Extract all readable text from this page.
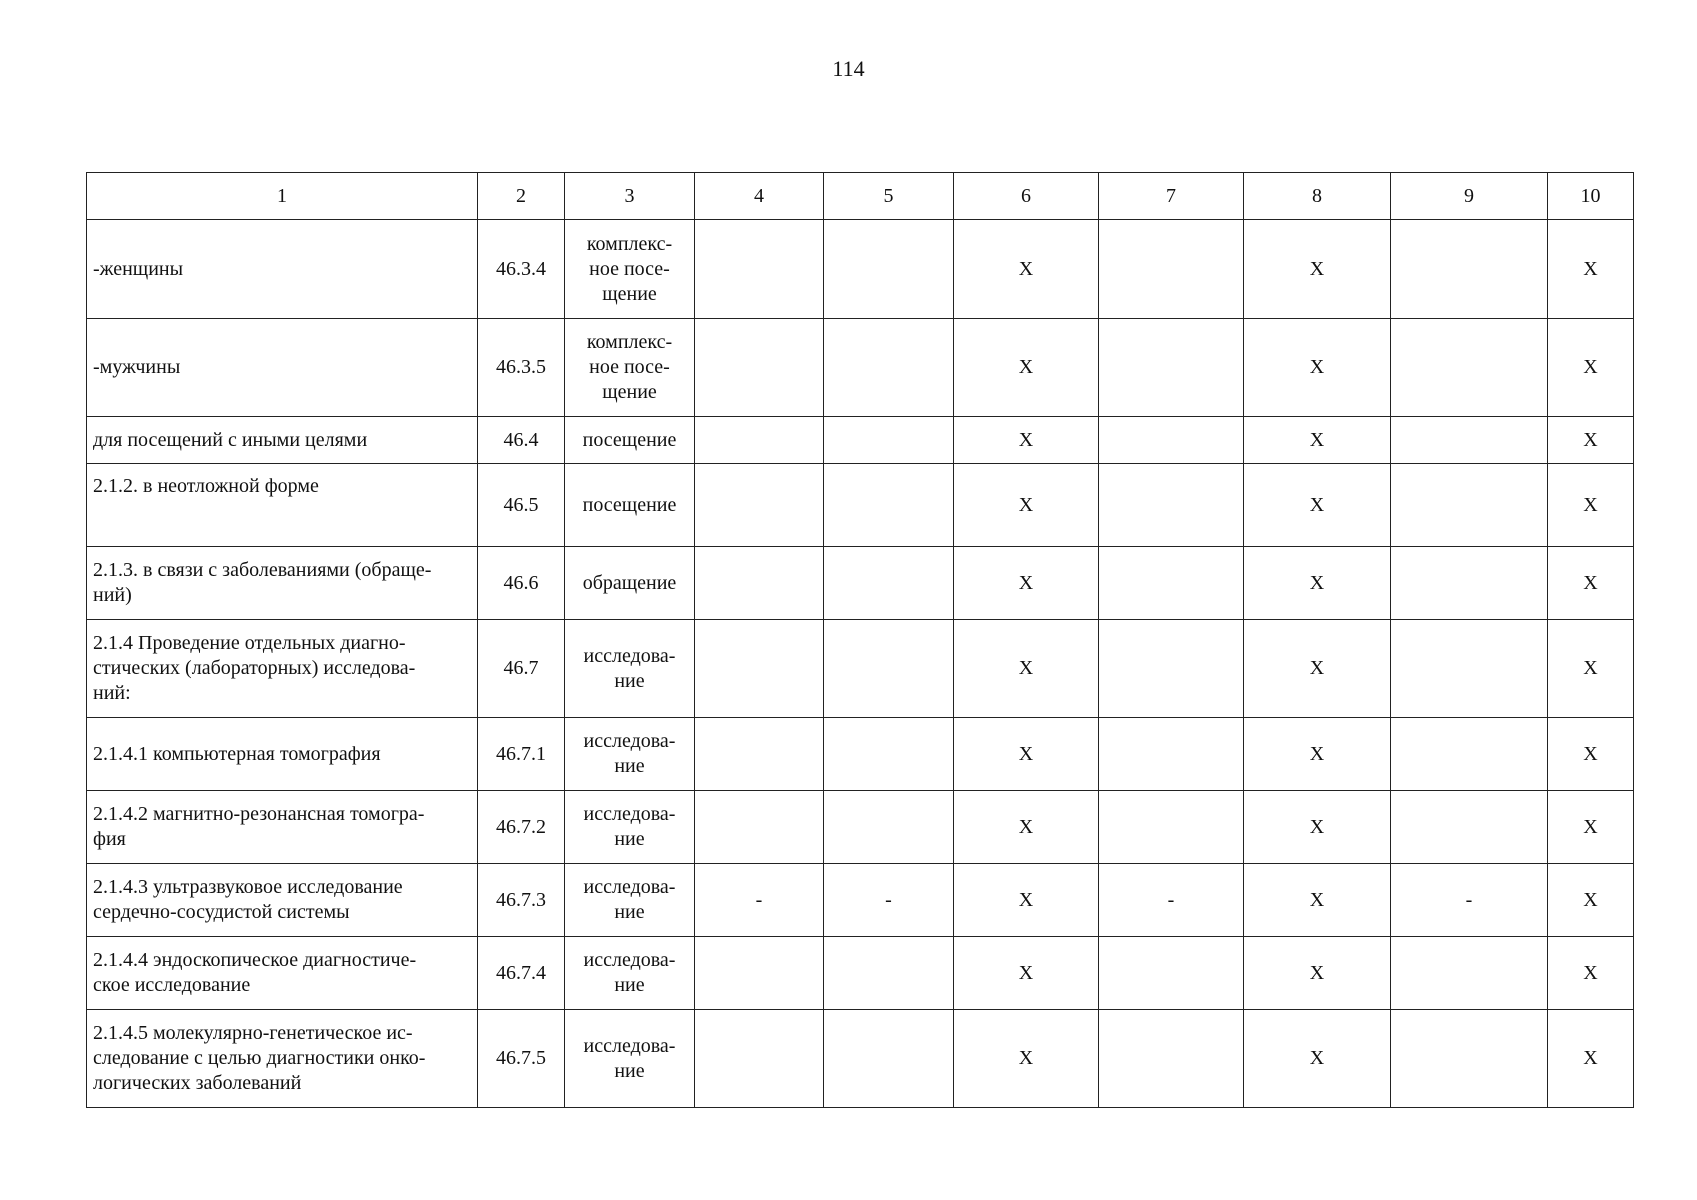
114
1	2	3	4	5	6	7	8	9	10
-женщины	46.3.4	комплекс-
ное посе-
щение			X		X		X
-мужчины	46.3.5	комплекс-
ное посе-
щение			X		X		X
для посещений с иными целями	46.4	посещение			X		X		X
2.1.2. в неотложной форме	46.5	посещение			X		X		X
2.1.3. в связи с заболеваниями (обраще-
ний)	46.6	обращение			X		X		X
2.1.4 Проведение отдельных диагно-
стических (лабораторных) исследова-
ний:	46.7	исследова-
ние			X		X		X
2.1.4.1 компьютерная томография	46.7.1	исследова-
ние			X		X		X
2.1.4.2 магнитно-резонансная томогра-
фия	46.7.2	исследова-
ние			X		X		X
2.1.4.3 ультразвуковое исследование
сердечно-сосудистой системы	46.7.3	исследова-
ние	-	-	X	-	X	-	X
2.1.4.4 эндоскопическое диагностиче-
ское исследование	46.7.4	исследова-
ние			X		X		X
2.1.4.5 молекулярно-генетическое ис-
следование с целью диагностики онко-
логических заболеваний	46.7.5	исследова-
ние			X		X		X
